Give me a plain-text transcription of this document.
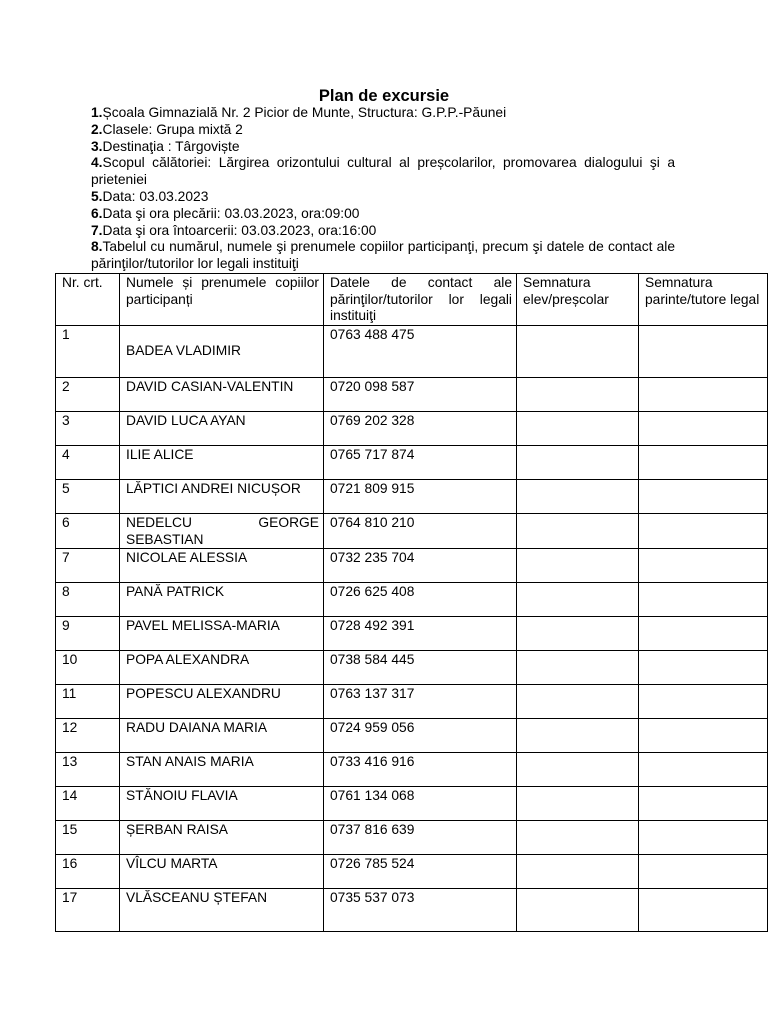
Plan de excursie
1.Școala Gimnazială Nr. 2 Picior de Munte, Structura: G.P.P.-Păunei
2.Clasele: Grupa mixtă 2
3.Destinaţia : Târgoviște
4.Scopul călătoriei: Lărgirea orizontului cultural al preșcolarilor, promovarea dialogului şi a prieteniei
5.Data: 03.03.2023
6.Data şi ora plecării: 03.03.2023, ora:09:00
7.Data şi ora întoarcerii: 03.03.2023, ora:16:00
8.Tabelul cu numărul, numele şi prenumele copiilor participanţi, precum şi datele de contact ale părinţilor/tutorilor lor legali instituiţi
Nr. crt.	Numele și prenumele copiilor participanți	Datele de contact ale părinţilor/tutorilor lor legali instituiţi	Semnatura elev/preșcolar	Semnatura parinte/tutore legal
1	BADEA VLADIMIR	0763 488 475		
2	DAVID CASIAN-VALENTIN	0720 098 587		
3	DAVID LUCA AYAN	0769 202 328		
4	ILIE ALICE	0765 717 874		
5	LĂPTICI ANDREI NICUȘOR	0721 809 915		
6	NEDELCU GEORGE SEBASTIAN	0764 810 210		
7	NICOLAE ALESSIA	0732 235 704		
8	PANĂ PATRICK	0726 625 408		
9	PAVEL MELISSA-MARIA	0728 492 391		
10	POPA ALEXANDRA	0738 584 445		
11	POPESCU ALEXANDRU	0763 137 317		
12	RADU DAIANA MARIA	0724 959 056		
13	STAN ANAIS MARIA	0733 416 916		
14	STĂNOIU FLAVIA	0761 134 068		
15	ȘERBAN RAISA	0737 816 639		
16	VÎLCU MARTA	0726 785 524		
17	VLĂSCEANU ȘTEFAN	0735 537 073		
